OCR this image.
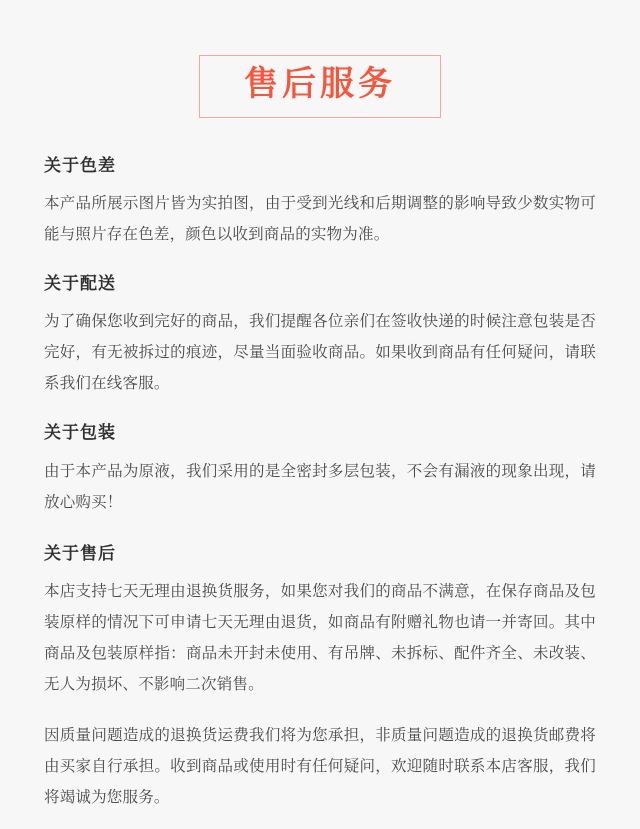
售后服务
关于色差

本产品所展示图片皆为实拍图，由于受到光线和后期调整的影响导致少数实物可能与照片存在色差，颜色以收到商品的实物为准。

关于配送

为了确保您收到完好的商品，我们提醒各位亲们在签收快递的时候注意包装是否完好，有无被拆过的痕迹，尽量当面验收商品。如果收到商品有任何疑问，请联系我们在线客服。

关于包装

由于本产品为原液，我们采用的是全密封多层包装，不会有漏液的现象出现，请放心购买！

关于售后

本店支持七天无理由退换货服务，如果您对我们的商品不满意，在保存商品及包装原样的情况下可申请七天无理由退货，如商品有附赠礼物也请一并寄回。其中商品及包装原样指：商品未开封未使用、有吊牌、未拆标、配件齐全、未改装、无人为损坏、不影响二次销售。

因质量问题造成的退换货运费我们将为您承担，非质量问题造成的退换货邮费将由买家自行承担。收到商品或使用时有任何疑问，欢迎随时联系本店客服，我们将竭诚为您服务。
